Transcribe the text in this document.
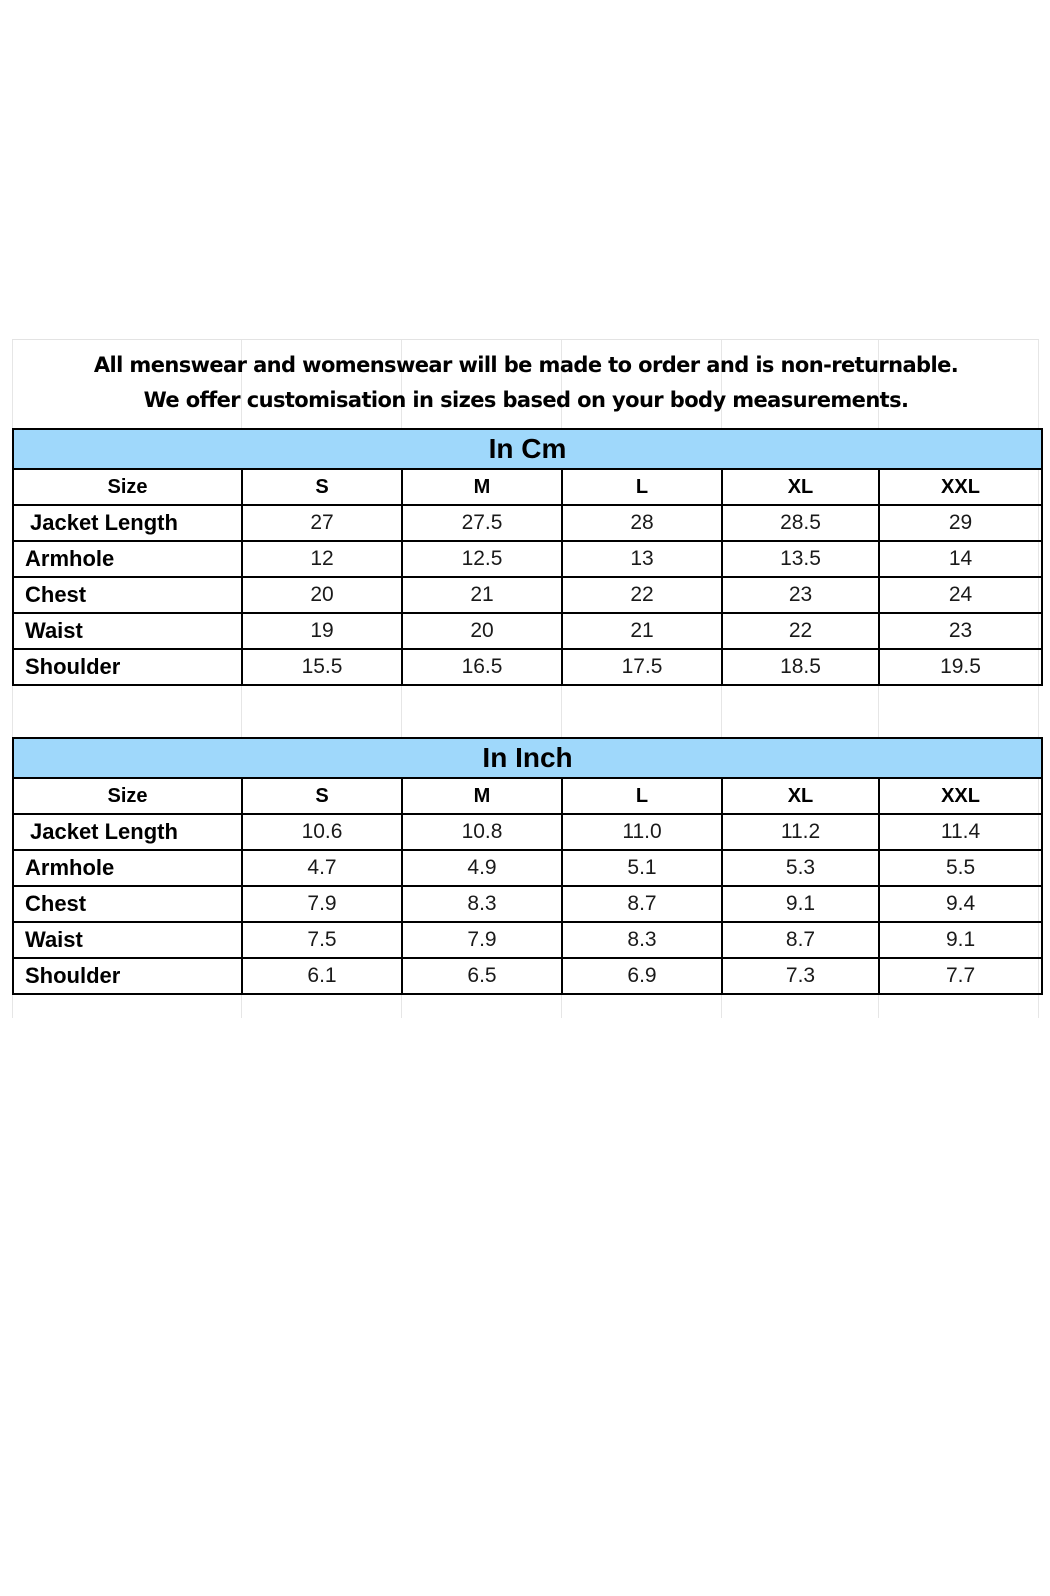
All menswear and womenswear will be made to order and is non-returnable.
We offer customisation in sizes based on your body measurements.
In Cm					
Size	S	M	L	XL	XXL
Jacket Length	27	27.5	28	28.5	29
Armhole	12	12.5	13	13.5	14
Chest	20	21	22	23	24
Waist	19	20	21	22	23
Shoulder	15.5	16.5	17.5	18.5	19.5
In Inch					
Size	S	M	L	XL	XXL
Jacket Length	10.6	10.8	11.0	11.2	11.4
Armhole	4.7	4.9	5.1	5.3	5.5
Chest	7.9	8.3	8.7	9.1	9.4
Waist	7.5	7.9	8.3	8.7	9.1
Shoulder	6.1	6.5	6.9	7.3	7.7
